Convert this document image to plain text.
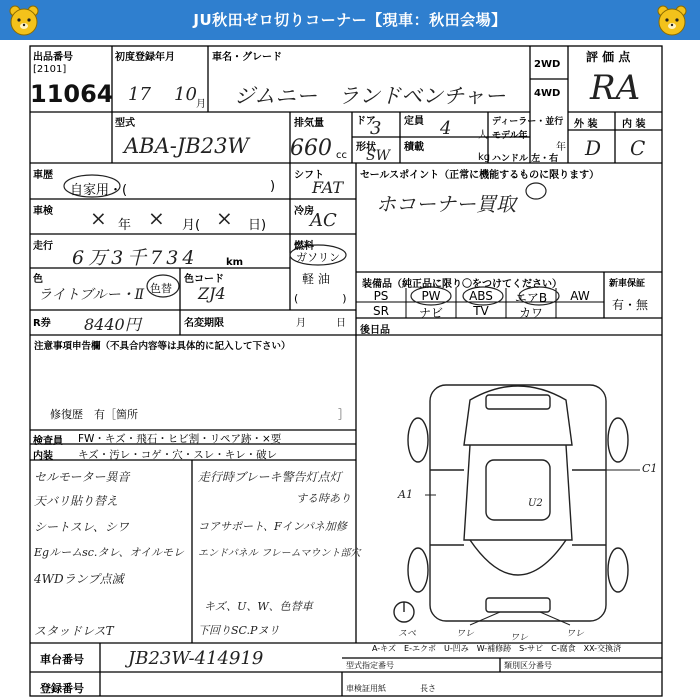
JU秋田ゼロ切りコーナー【現車：秋田会場】
出品番号
[2101]
11064
初度登録年月
17 10 月
車名・グレード
ジムニー　ランドベンチャー
2WD
4WD
評 価 点
RA
型式
ABA-JB23W
排気量
660 cc
ドア
3 定員 4	人
ディーラー・並行
モデル年
形状
SW
積載
kg
年
ハンドル 左・右
外 装 内 装
D C
車歴
自家用・(	)
シフト
FAT
セールスポイント（正常に機能するものに限ります）
ホコーナー買取
車検 × 年 × 月( × 日)
冷房
AC
走行
6万3千734	km
燃料
ガソリン
軽 油
(　　　　)
色
ライトブルー・Ⅱ 色替
色コード
ZJ4	装備品（純正品に限り〇をつけてください）	新車保証
有・無
PS	PW	ABS	エアB	AW
SR	ナビ	TV	カワ
R券 8440円	名変期限	月	日
後日品
注意事項申告欄（不具合内容等は具体的に記入して下さい）
修復歴　有［箇所	］
検査員 FW・キズ・飛石・ヒビ割・リペア跡・×要
内装 キズ・汚レ・コゲ・穴・スレ・キレ・破レ
セルモーター異音
天バリ貼り替え
シートスレ、シワ
Egルームsc.タレ、オイルモレ
4WDランプ点滅
スタッドレスT
走行時ブレーキ警告灯点灯
する時あり
コアサポート、Fインパネ加修
エンドパネル フレームマウント部穴
キズ、U、W、色替車
下回りSC.Pヌリ
C1
A1
U2
スペ	ワレ	ワレ	ワレ
A-キズ　E-エクボ　U-凹み　W-補修跡　S-サビ　C-腐食　XX-交換済
車台番号 JB23W-414919	型式指定番号	類別区分番号
登録番号	車検証用紙	長さ
